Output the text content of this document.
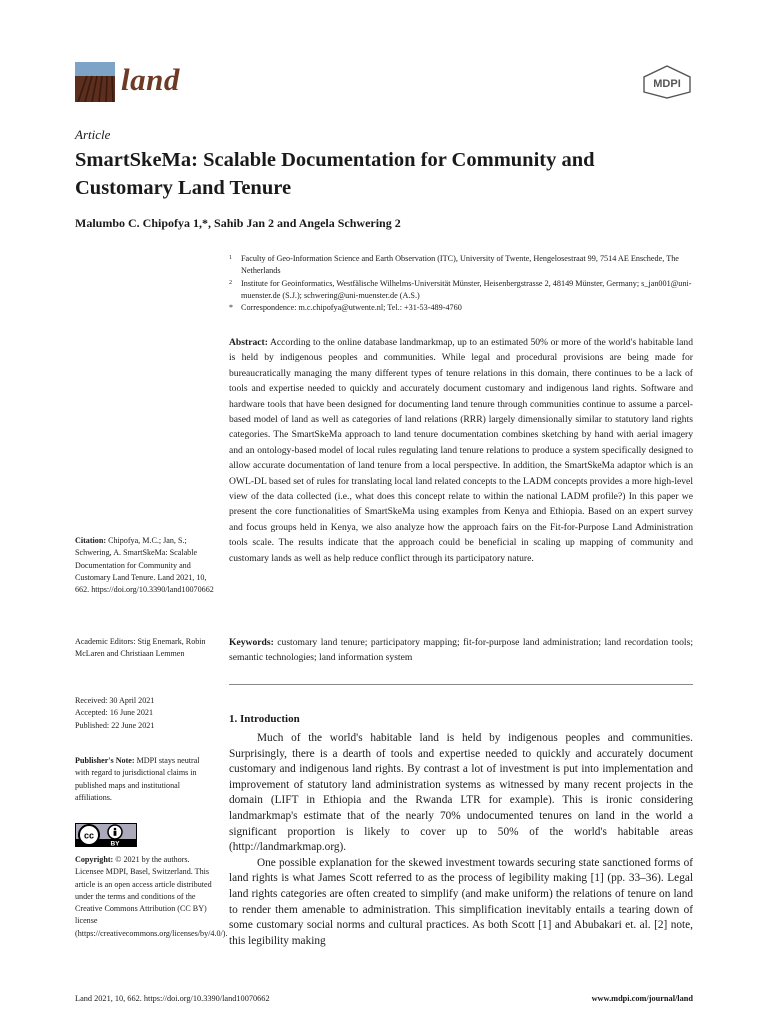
land	MDPI
Article
SmartSkeMa: Scalable Documentation for Community and Customary Land Tenure
Malumbo C. Chipofya 1,*, Sahib Jan 2 and Angela Schwering 2
1 Faculty of Geo-Information Science and Earth Observation (ITC), University of Twente, Hengelosestraat 99, 7514 AE Enschede, The Netherlands
2 Institute for Geoinformatics, Westfälische Wilhelms-Universität Münster, Heisenbergstrasse 2, 48149 Münster, Germany; s_jan001@uni-muenster.de (S.J.); schwering@uni-muenster.de (A.S.)
* Correspondence: m.c.chipofya@utwente.nl; Tel.: +31-53-489-4760
Abstract: According to the online database landmarkmap, up to an estimated 50% or more of the world's habitable land is held by indigenous peoples and communities. While legal and procedural provisions are being made for bureaucratically managing the many different types of tenure relations in this domain, there continues to be a lack of tools and expertise needed to quickly and accurately document customary and indigenous land rights. Software and hardware tools that have been designed for documenting land tenure through communities continue to assume a parcel-based model of land as well as categories of land relations (RRR) largely dimensionally similar to statutory land rights categories. The SmartSkeMa approach to land tenure documentation combines sketching by hand with aerial imagery and an ontology-based model of local rules regulating land tenure relations to produce a system specifically designed to allow accurate documentation of land tenure from a local perspective. In addition, the SmartSkeMa adaptor which is an OWL-DL based set of rules for translating local land related concepts to the LADM concepts provides a more high-level view of the data collected (i.e., what does this concept relate to within the national LADM profile?) In this paper we present the core functionalities of SmartSkeMa using examples from Kenya and Ethiopia. Based on an expert survey and focus groups held in Kenya, we also analyze how the approach fairs on the Fit-for-Purpose Land Administration tools scale. The results indicate that the approach could be beneficial in scaling up mapping of community and customary lands as well as help reduce conflict through its participatory nature.
Keywords: customary land tenure; participatory mapping; fit-for-purpose land administration; land recordation tools; semantic technologies; land information system
1. Introduction

Much of the world's habitable land is held by indigenous peoples and communities. Surprisingly, there is a dearth of tools and expertise needed to quickly and accurately document customary and indigenous land rights. By contrast a lot of investment is put into implementation and improvement of statutory land administration systems as witnessed by many recent projects in the domain (LIFT in Ethiopia and the Rwanda LTR for example). This is ironic considering landmarkmap's estimate that of the nearly 70% undocumented tenures on land in the world a significant proportion is likely to cover up to 50% of the world's habitable areas (http://landmarkmap.org).

One possible explanation for the skewed investment towards securing state sanctioned forms of land rights is what James Scott referred to as the process of legibility making [1] (pp. 33–36). Legal land rights categories are often created to simplify (and make uniform) the relations of tenure on land to render them amenable to administration. This simplification inevitably entails a tearing down of some customary social norms and cultural practices. As both Scott [1] and Abubakari et. al. [2] note, this legibility making

Citation: Chipofya, M.C.; Jan, S.; Schwering, A. SmartSkeMa: Scalable Documentation for Community and Customary Land Tenure. Land 2021, 10, 662. https://doi.org/10.3390/land10070662
Academic Editors: Stig Enemark, Robin McLaren and Christiaan Lemmen

Received: 30 April 2021

Accepted: 16 June 2021

Published: 22 June 2021

Publisher's Note: MDPI stays neutral with regard to jurisdictional claims in published maps and institutional affiliations.
cc
BY
Copyright: © 2021 by the authors. Licensee MDPI, Basel, Switzerland. This article is an open access article distributed under the terms and conditions of the Creative Commons Attribution (CC BY) license (https://creativecommons.org/licenses/by/4.0/).
Land 2021, 10, 662. https://doi.org/10.3390/land10070662	www.mdpi.com/journal/land
